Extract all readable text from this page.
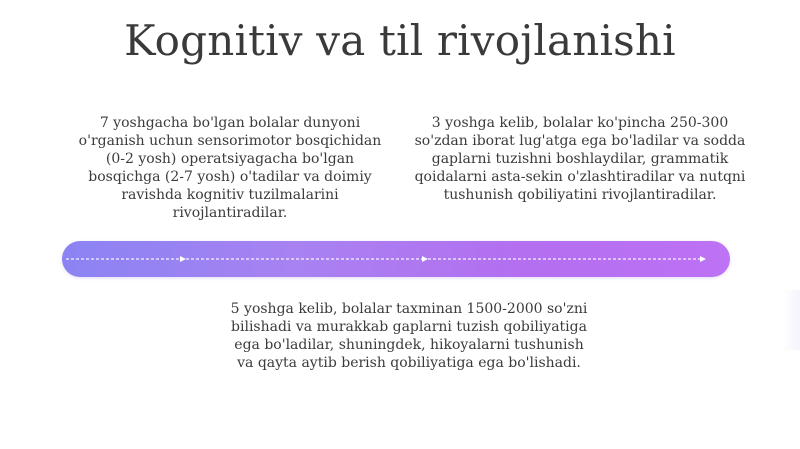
Kognitiv va til rivojlanishi
7 yoshgacha bo'lgan bolalar dunyoni o'rganish uchun sensorimotor bosqichidan (0-2 yosh) operatsiyagacha bo'lgan bosqichga (2-7 yosh) o'tadilar va doimiy ravishda kognitiv tuzilmalarini rivojlantiradilar.
3 yoshga kelib, bolalar ko'pincha 250-300 so'zdan iborat lug'atga ega bo'ladilar va sodda gaplarni tuzishni boshlaydilar, grammatik qoidalarni asta-sekin o'zlashtiradilar va nutqni tushunish qobiliyatini rivojlantiradilar.
5 yoshga kelib, bolalar taxminan 1500-2000 so'zni bilishadi va murakkab gaplarni tuzish qobiliyatiga ega bo'ladilar, shuningdek, hikoyalarni tushunish va qayta aytib berish qobiliyatiga ega bo'lishadi.
